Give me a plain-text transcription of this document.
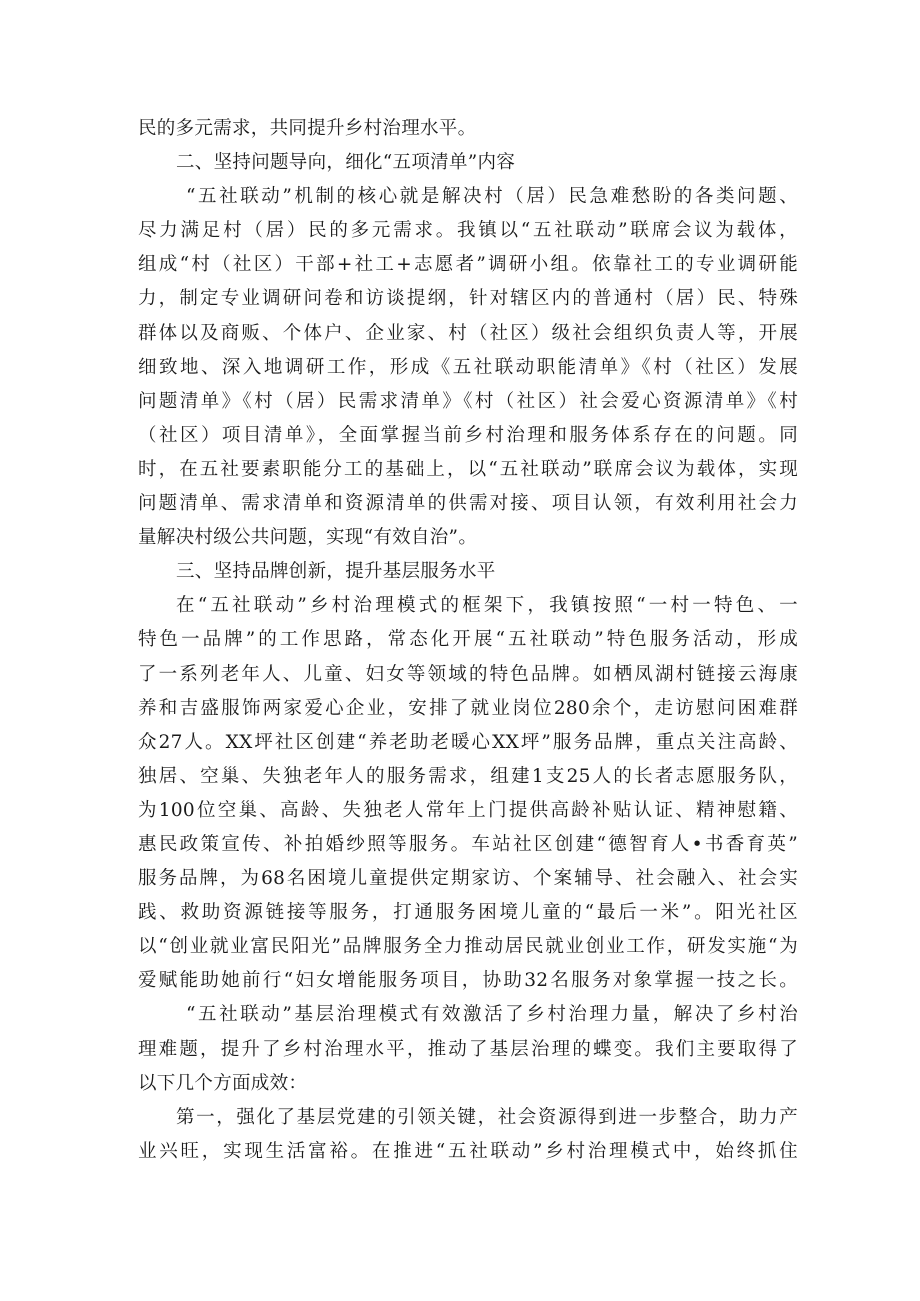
民的多元需求，共同提升乡村治理水平。
二、坚持问题导向，细化“五项清单”内容
“五社联动”机制的核心就是解决村（居）民急难愁盼的各类问题、
尽力满足村（居）民的多元需求。我镇以“五社联动”联席会议为载体，
组成“村（社区）干部+社工+志愿者”调研小组。依靠社工的专业调研能
力，制定专业调研问卷和访谈提纲，针对辖区内的普通村（居）民、特殊
群体以及商贩、个体户、企业家、村（社区）级社会组织负责人等，开展
细致地、深入地调研工作，形成《五社联动职能清单》《村（社区）发展
问题清单》《村（居）民需求清单》《村（社区）社会爱心资源清单》《村
（社区）项目清单》，全面掌握当前乡村治理和服务体系存在的问题。同
时，在五社要素职能分工的基础上，以“五社联动”联席会议为载体，实现
问题清单、需求清单和资源清单的供需对接、项目认领，有效利用社会力
量解决村级公共问题，实现“有效自治”。
三、坚持品牌创新，提升基层服务水平
在“五社联动”乡村治理模式的框架下，我镇按照“一村一特色、一
特色一品牌”的工作思路，常态化开展“五社联动”特色服务活动，形成
了一系列老年人、儿童、妇女等领域的特色品牌。如栖凤湖村链接云海康
养和吉盛服饰两家爱心企业，安排了就业岗位280余个，走访慰问困难群
众27人。XX坪社区创建“养老助老暖心XX坪”服务品牌，重点关注高龄、
独居、空巢、失独老年人的服务需求，组建1支25人的长者志愿服务队，
为100位空巢、高龄、失独老人常年上门提供高龄补贴认证、精神慰籍、
惠民政策宣传、补拍婚纱照等服务。车站社区创建“德智育人•书香育英”
服务品牌，为68名困境儿童提供定期家访、个案辅导、社会融入、社会实
践、救助资源链接等服务，打通服务困境儿童的“最后一米”。阳光社区
以“创业就业富民阳光”品牌服务全力推动居民就业创业工作，研发实施“为
爱赋能助她前行“妇女增能服务项目，协助32名服务对象掌握一技之长。
“五社联动”基层治理模式有效激活了乡村治理力量，解决了乡村治
理难题，提升了乡村治理水平，推动了基层治理的蝶变。我们主要取得了
以下几个方面成效：
第一，强化了基层党建的引领关键，社会资源得到进一步整合，助力产
业兴旺，实现生活富裕。在推进“五社联动”乡村治理模式中，始终抓住
